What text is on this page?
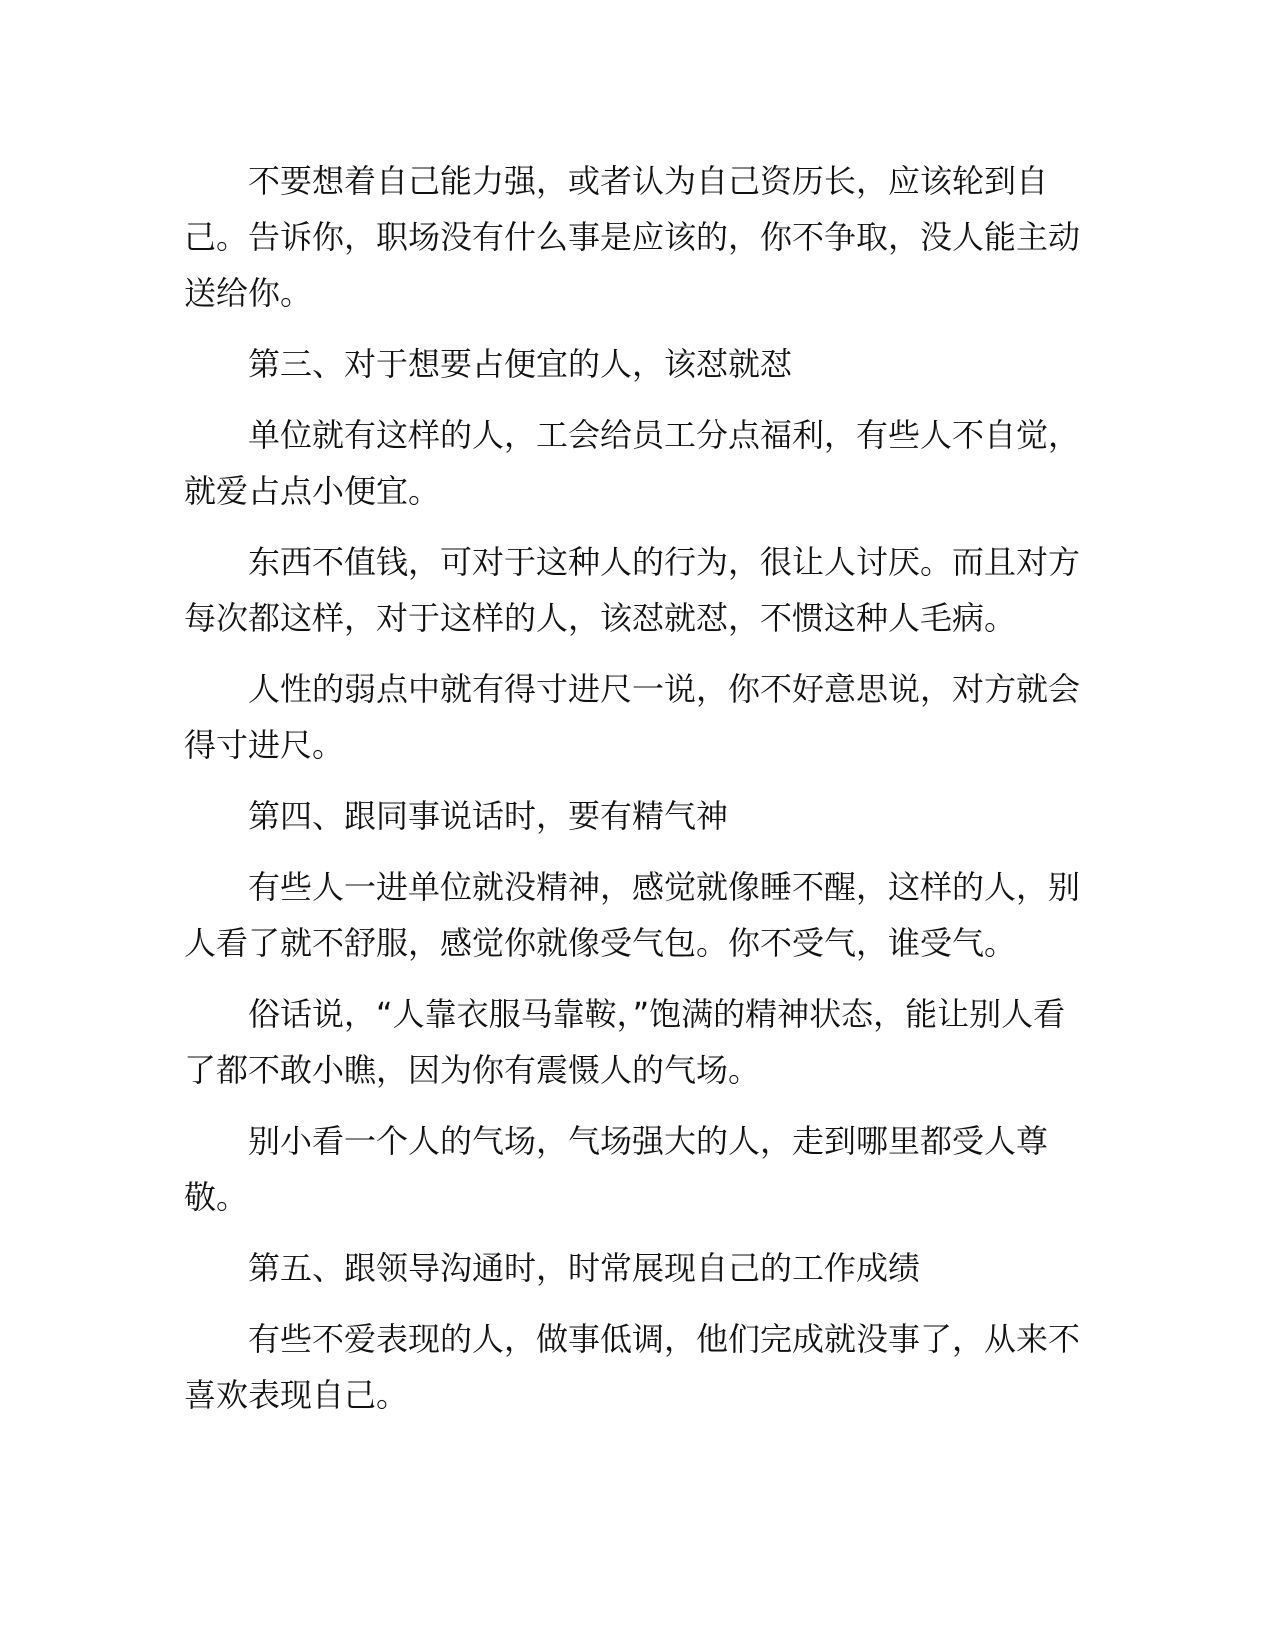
不要想着自己能力强，或者认为自己资历长，应该轮到自己。告诉你，职场没有什么事是应该的，你不争取，没人能主动送给你。

第三、对于想要占便宜的人，该怼就怼

单位就有这样的人，工会给员工分点福利，有些人不自觉，就爱占点小便宜。

东西不值钱，可对于这种人的行为，很让人讨厌。而且对方每次都这样，对于这样的人，该怼就怼，不惯这种人毛病。

人性的弱点中就有得寸进尺一说，你不好意思说，对方就会得寸进尺。

第四、跟同事说话时，要有精气神

有些人一进单位就没精神，感觉就像睡不醒，这样的人，别人看了就不舒服，感觉你就像受气包。你不受气，谁受气。

俗话说，“人靠衣服马靠鞍，”饱满的精神状态，能让别人看了都不敢小瞧，因为你有震慑人的气场。

别小看一个人的气场，气场强大的人，走到哪里都受人尊敬。

第五、跟领导沟通时，时常展现自己的工作成绩

有些不爱表现的人，做事低调，他们完成就没事了，从来不喜欢表现自己。
